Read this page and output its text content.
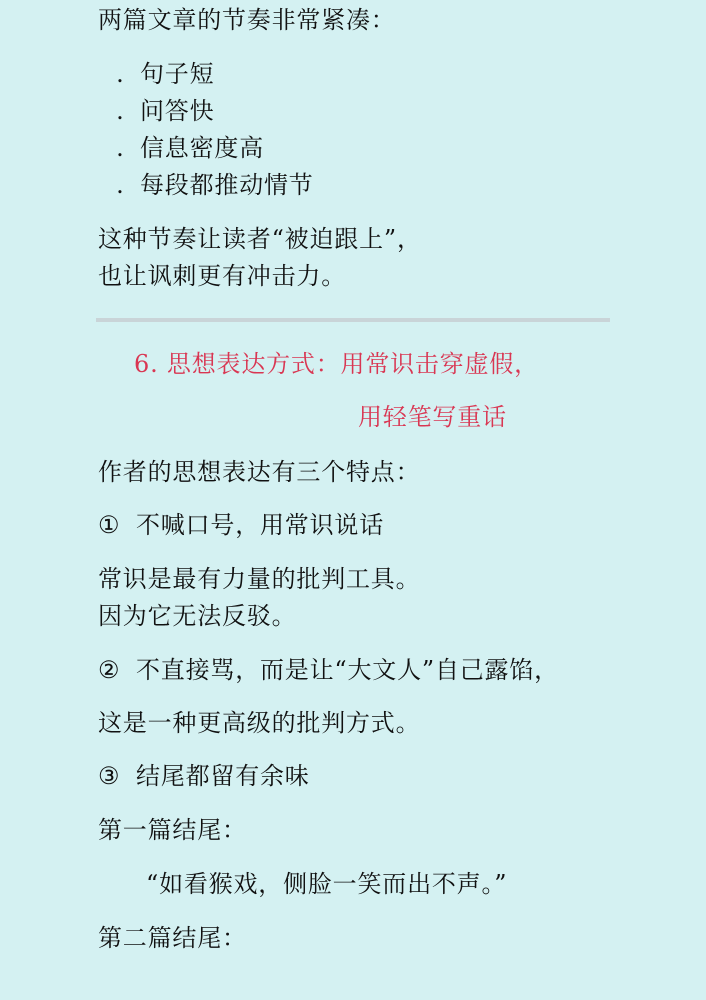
两篇文章的节奏非常紧凑：
. 句子短
. 问答快
. 信息密度高
. 每段都推动情节
这种节奏让读者“被迫跟上”，
也让讽刺更有冲击力。
6. 思想表达方式：用常识击穿虚假，
用轻笔写重话
作者的思想表达有三个特点：
① 不喊口号，用常识说话
常识是最有力量的批判工具。
因为它无法反驳。
② 不直接骂，而是让“大文人”自己露馅，
这是一种更高级的批判方式。
③ 结尾都留有余味
第一篇结尾：
“如看猴戏，侧脸一笑而出不声。”
第二篇结尾：
